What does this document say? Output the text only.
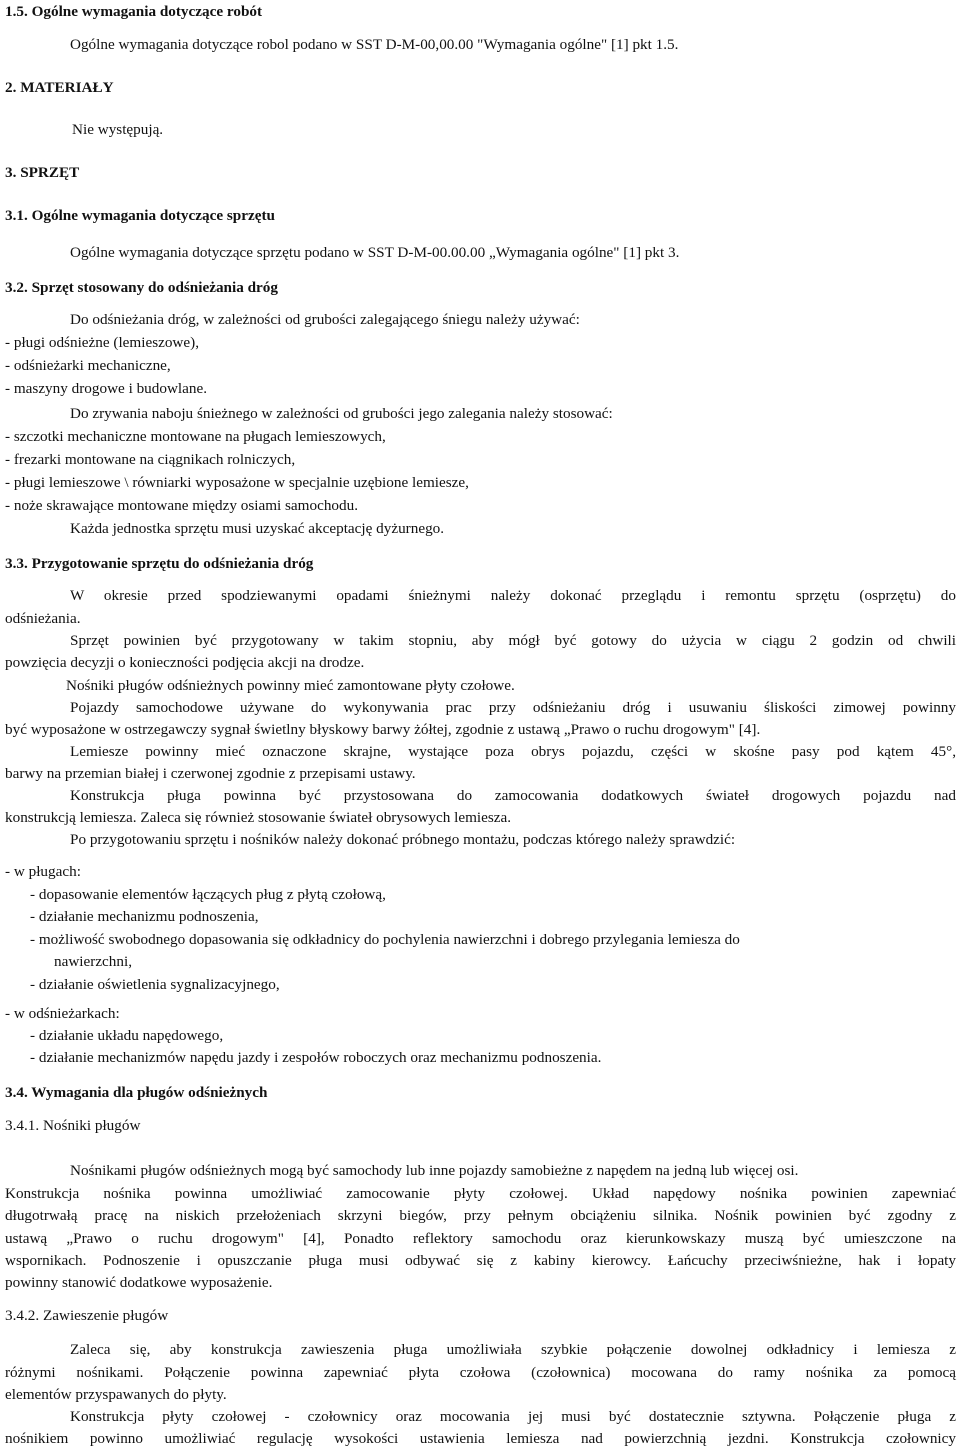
1.5. Ogólne wymagania dotyczące robót
Ogólne wymagania dotyczące robol podano w SST D-M-00,00.00 "Wymagania ogólne" [1] pkt 1.5.
2. MATERIAŁY
Nie występują.
3. SPRZĘT
3.1. Ogólne wymagania dotyczące sprzętu
Ogólne wymagania dotyczące sprzętu podano w SST D-M-00.00.00 „Wymagania ogólne" [1] pkt 3.
3.2. Sprzęt stosowany do odśnieżania dróg
Do odśnieżania dróg, w zależności od grubości zalegającego śniegu należy używać:
- pługi odśnieżne (lemieszowe),
- odśnieżarki mechaniczne,
- maszyny drogowe i budowlane.
Do zrywania naboju śnieżnego w zależności od grubości jego zalegania należy stosować:
- szczotki mechaniczne montowane na pługach lemieszowych,
- frezarki montowane na ciągnikach rolniczych,
- pługi lemieszowe \ równiarki wyposażone w specjalnie uzębione lemiesze,
- noże skrawające montowane między osiami samochodu.
Każda jednostka sprzętu musi uzyskać akceptację dyżurnego.
3.3. Przygotowanie sprzętu do odśnieżania dróg
W okresie przed spodziewanymi opadami śnieżnymi należy dokonać przeglądu i remontu sprzętu (osprzętu) do
odśnieżania.
Sprzęt powinien być przygotowany w takim stopniu, aby mógł być gotowy do użycia w ciągu 2 godzin od chwili
powzięcia decyzji o konieczności podjęcia akcji na drodze.
Nośniki pługów odśnieżnych powinny mieć zamontowane płyty czołowe.
Pojazdy samochodowe używane do wykonywania prac przy odśnieżaniu dróg i usuwaniu śliskości zimowej powinny
być wyposażone w ostrzegawczy sygnał świetlny błyskowy barwy żółtej, zgodnie z ustawą „Prawo o ruchu drogowym" [4].
Lemiesze powinny mieć oznaczone skrajne, wystające poza obrys pojazdu, części w skośne pasy pod kątem 45°,
barwy na przemian białej i czerwonej zgodnie z przepisami ustawy.
Konstrukcja pługa powinna być przystosowana do zamocowania dodatkowych świateł drogowych pojazdu nad
konstrukcją lemiesza. Zaleca się również stosowanie świateł obrysowych lemiesza.
Po przygotowaniu sprzętu i nośników należy dokonać próbnego montażu, podczas którego należy sprawdzić:
- w pługach:
- dopasowanie elementów łączących pług z płytą czołową,
- działanie mechanizmu podnoszenia,
- możliwość swobodnego dopasowania się odkładnicy do pochylenia nawierzchni i dobrego przylegania lemiesza do
nawierzchni,
- działanie oświetlenia sygnalizacyjnego,
- w odśnieżarkach:
- działanie układu napędowego,
- działanie mechanizmów napędu jazdy i zespołów roboczych oraz mechanizmu podnoszenia.
3.4. Wymagania dla pługów odśnieżnych
3.4.1. Nośniki pługów
Nośnikami pługów odśnieżnych mogą być samochody lub inne pojazdy samobieżne z napędem na jedną lub więcej osi.
Konstrukcja nośnika powinna umożliwiać zamocowanie płyty czołowej. Układ napędowy nośnika powinien zapewniać
długotrwałą pracę na niskich przełożeniach skrzyni biegów, przy pełnym obciążeniu silnika. Nośnik powinien być zgodny z
ustawą „Prawo o ruchu drogowym" [4], Ponadto reflektory samochodu oraz kierunkowskazy muszą być umieszczone na
wspornikach. Podnoszenie i opuszczanie pługa musi odbywać się z kabiny kierowcy. Łańcuchy przeciwśnieżne, hak i łopaty
powinny stanowić dodatkowe wyposażenie.
3.4.2. Zawieszenie pługów
Zaleca się, aby konstrukcja zawieszenia pługa umożliwiała szybkie połączenie dowolnej odkładnicy i lemiesza z
różnymi nośnikami. Połączenie powinna zapewniać płyta czołowa (czołownica) mocowana do ramy nośnika za pomocą
elementów przyspawanych do płyty.
Konstrukcja płyty czołowej - czołownicy oraz mocowania jej musi być dostatecznie sztywna. Połączenie pługa z
nośnikiem powinno umożliwiać regulację wysokości ustawienia lemiesza nad powierzchnią jezdni. Konstrukcja czołownicy
